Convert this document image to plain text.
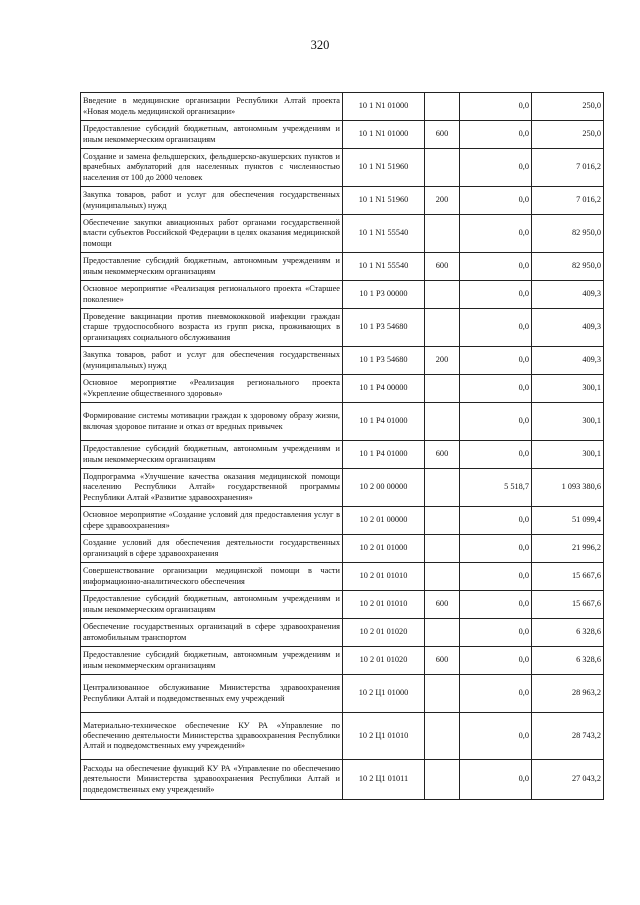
320
Введение в медицинские организации Республики Алтай проекта «Новая модель медицинской организации»	10 1 N1 01000		0,0	250,0
Предоставление субсидий бюджетным, автономным учреждениям и иным некоммерческим организациям	10 1 N1 01000	600	0,0	250,0
Создание и замена фельдшерских, фельдшерско-акушерских пунктов и врачебных амбулаторий для населенных пунктов с численностью населения от 100 до 2000 человек	10 1 N1 51960		0,0	7 016,2
Закупка товаров, работ и услуг для обеспечения государственных (муниципальных) нужд	10 1 N1 51960	200	0,0	7 016,2
Обеспечение закупки авиационных работ органами государственной власти субъектов Российской Федерации в целях оказания медицинской помощи	10 1 N1 55540		0,0	82 950,0
Предоставление субсидий бюджетным, автономным учреждениям и иным некоммерческим организациям	10 1 N1 55540	600	0,0	82 950,0
Основное мероприятие «Реализация регионального проекта «Старшее поколение»	10 1 P3 00000		0,0	409,3
Проведение вакцинации против пневмококковой инфекции граждан старше трудоспособного возраста из групп риска, проживающих в организациях социального обслуживания	10 1 P3 54680		0,0	409,3
Закупка товаров, работ и услуг для обеспечения государственных (муниципальных) нужд	10 1 P3 54680	200	0,0	409,3
Основное мероприятие «Реализация регионального проекта «Укрепление общественного здоровья»	10 1 P4 00000		0,0	300,1
Формирование системы мотивации граждан к здоровому образу жизни, включая здоровое питание и отказ от вредных привычек	10 1 P4 01000		0,0	300,1
Предоставление субсидий бюджетным, автономным учреждениям и иным некоммерческим организациям	10 1 P4 01000	600	0,0	300,1
Подпрограмма «Улучшение качества оказания медицинской помощи населению Республики Алтай» государственной программы Республики Алтай «Развитие здравоохранения»	10 2 00 00000		5 518,7	1 093 380,6
Основное мероприятие «Создание условий для предоставления услуг в сфере здравоохранения»	10 2 01 00000		0,0	51 099,4
Создание условий для обеспечения деятельности государственных организаций в сфере здравоохранения	10 2 01 01000		0,0	21 996,2
Совершенствование организации медицинской помощи в части информационно-аналитического обеспечения	10 2 01 01010		0,0	15 667,6
Предоставление субсидий бюджетным, автономным учреждениям и иным некоммерческим организациям	10 2 01 01010	600	0,0	15 667,6
Обеспечение государственных организаций в сфере здравоохранения автомобильным транспортом	10 2 01 01020		0,0	6 328,6
Предоставление субсидий бюджетным, автономным учреждениям и иным некоммерческим организациям	10 2 01 01020	600	0,0	6 328,6
Централизованное обслуживание Министерства здравоохранения Республики Алтай и подведомственных ему учреждений	10 2 Ц1 01000		0,0	28 963,2
Материально-техническое обеспечение КУ РА «Управление по обеспечению деятельности Министерства здравоохранения Республики Алтай и подведомственных ему учреждений»	10 2 Ц1 01010		0,0	28 743,2
Расходы на обеспечение функций КУ РА «Управление по обеспечению деятельности Министерства здравоохранения Республики Алтай и подведомственных ему учреждений»	10 2 Ц1 01011		0,0	27 043,2
